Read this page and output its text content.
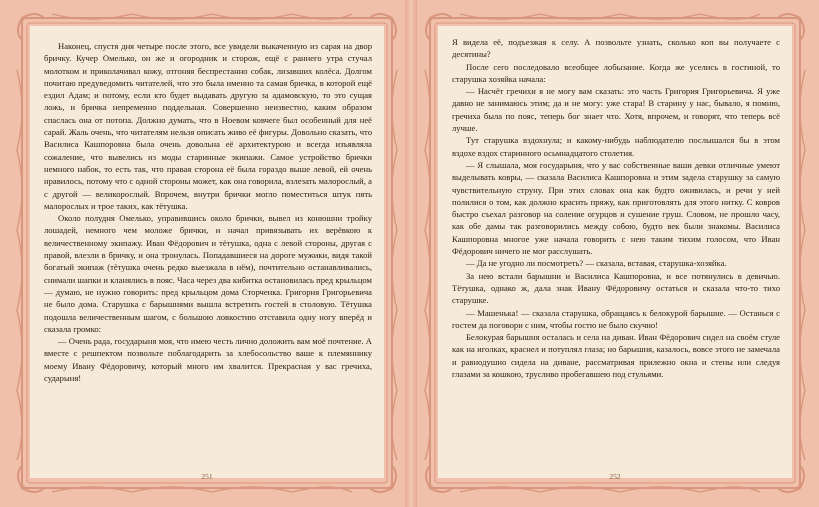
Наконец, спустя дня четыре после этого, все увидели выкаченную из сарая на двор бричку. Кучер Омелько, он же и огородник и сторож, ещё с раннего утра стучал молотком и приколачивал кожу, отгоняя беспрестанно собак, лизавших колёса. Долгом почитаю предуведомить читателей, что это была именно та самая бричка, в которой ещё ездил Адам; и потому, если кто будет выдавать другую за адамовскую, то это сущая ложь, и бричка непременно поддельная. Совершенно неизвестно, каким образом спаслась она от потопа. Должно думать, что в Ноевом ковчеге был особенный для неё сарай. Жаль очень, что читателям нельзя описать живо её фигуры. Довольно сказать, что Василиса Кашпоровна была очень довольна её архитектурою и всегда изъявляла сожаление, что вывелись из моды старинные экипажи. Самое устройство брички немного набок, то есть так, что правая сторона её была гораздо выше левой, ей очень нравилось, потому что с одной стороны может, как она говорила, взлезать малорослый, а с другой — великорослый. Впрочем, внутри брички могло поместиться штук пять малорослых и трое таких, как тётушка.

Около полудня Омелько, управившись около брички, вывел из конюшни тройку лошадей, немного чем моложе брички, и начал привязывать их верёвкою к величественному экипажу. Иван Фёдорович и тётушка, одна с левой стороны, другая с правой, влезли в бричку, и она тронулась. Попадавшиеся на дороге мужики, видя такой богатый экипаж (тётушка очень редко выезжала в нём), почтительно останавливались, снимали шапки и кланялись в пояс. Часа через два кибитка остановилась пред крыльцом — думаю, не нужно говорить: пред крыльцом дома Сторченка. Григория Григорьевича не было дома. Старушка с барышнями вышла встретить гостей в столовую. Тётушка подошла величественным шагом, с большою ловкостию отставила одну ногу вперёд и сказала громко:

— Очень рада, государыня моя, что имею честь лично доложить вам моё почтение. А вместе с решпектом позвольте поблагодарить за хлебосольство ваше к племяннику моему Ивану Фёдоровичу, который много им хвалится. Прекрасная у вас гречиха, сударыня!

251

Я видела её, подъезжая к селу. А позвольте узнать, сколько коп вы получаете с десятины?

После сего последовало всеобщее лобызание. Когда же уселись в гостиной, то старушка хозяйка начала:

— Насчёт гречихи я не могу вам сказать: это часть Григория Григорьевича. Я уже давно не занимаюсь этим; да и не могу: уже стара! В старину у нас, бывало, я помню, гречиха была по пояс, теперь бог знает что. Хотя, впрочем, и говорят, что теперь всё лучше.

Тут старушка вздохнула; и какому-нибудь наблюдателю послышался бы в этом вздохе вздох старинного осьмнадцатого столетия.

— Я слышала, моя государыня, что у вас собственные ваши девки отличные умеют выделывать ковры, — сказала Василиса Кашпоровна и этим задела старушку за самую чувствительную струну. При этих словах она как будто оживилась, и речи у ней полилися о том, как должно красить пряжу, как приготовлять для этого нитку. С ковров быстро съехал разговор на соление огурцов и сушение груш. Словом, не прошло часу, как обе дамы так разговорились между собою, будто век были знакомы. Василиса Кашпоровна многое уже начала говорить с нею таким тихим голосом, что Иван Фёдорович ничего не мог расслушать.

— Да не угодно ли посмотреть? — сказала, вставая, старушка-хозяйка.

За нею встали барышни и Василиса Кашпоровна, и все потянулись в девичью. Тётушка, однако ж, дала знак Ивану Фёдоровичу остаться и сказала что-то тихо старушке.

— Машенька! — сказала старушка, обращаясь к белокурой барышне. — Останься с гостем да поговори с ним, чтобы гостю не было скучно!

Белокурая барышня осталась и села на диван. Иван Фёдорович сидел на своём стуле как на иголках, краснел и потуплял глаза; но барышня, казалось, вовсе этого не замечала и равнодушно сидела на диване, рассматривая прилежно окна и стены или следуя глазами за кошкою, трусливо пробегавшею под стульями.

252
